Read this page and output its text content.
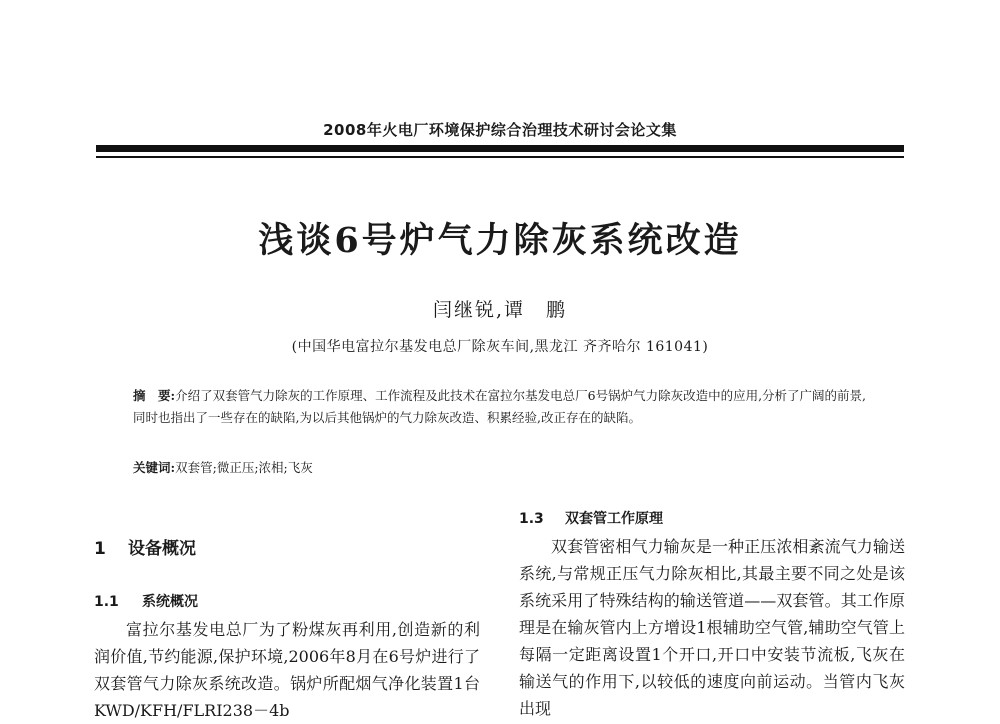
2008年火电厂环境保护综合治理技术研讨会论文集
浅谈6号炉气力除灰系统改造
闫继锐,谭　鹏
(中国华电富拉尔基发电总厂除灰车间,黑龙江 齐齐哈尔 161041)
摘　要:介绍了双套管气力除灰的工作原理、工作流程及此技术在富拉尔基发电总厂6号锅炉气力除灰改造中的应用,分析了广阔的前景,同时也指出了一些存在的缺陷,为以后其他锅炉的气力除灰改造、积累经验,改正存在的缺陷。
关键词:双套管;微正压;浓相;飞灰
1 设备概况
1.1 系统概况

富拉尔基发电总厂为了粉煤灰再利用,创造新的利润价值,节约能源,保护环境,2006年8月在6号炉进行了双套管气力除灰系统改造。锅炉所配烟气净化装置1台KWD/KFH/FLRI238－4b

1.3 双套管工作原理

双套管密相气力输灰是一种正压浓相紊流气力输送系统,与常规正压气力除灰相比,其最主要不同之处是该系统采用了特殊结构的输送管道——双套管。其工作原理是在输灰管内上方增设1根辅助空气管,辅助空气管上每隔一定距离设置1个开口,开口中安装节流板,飞灰在输送气的作用下,以较低的速度向前运动。当管内飞灰出现
